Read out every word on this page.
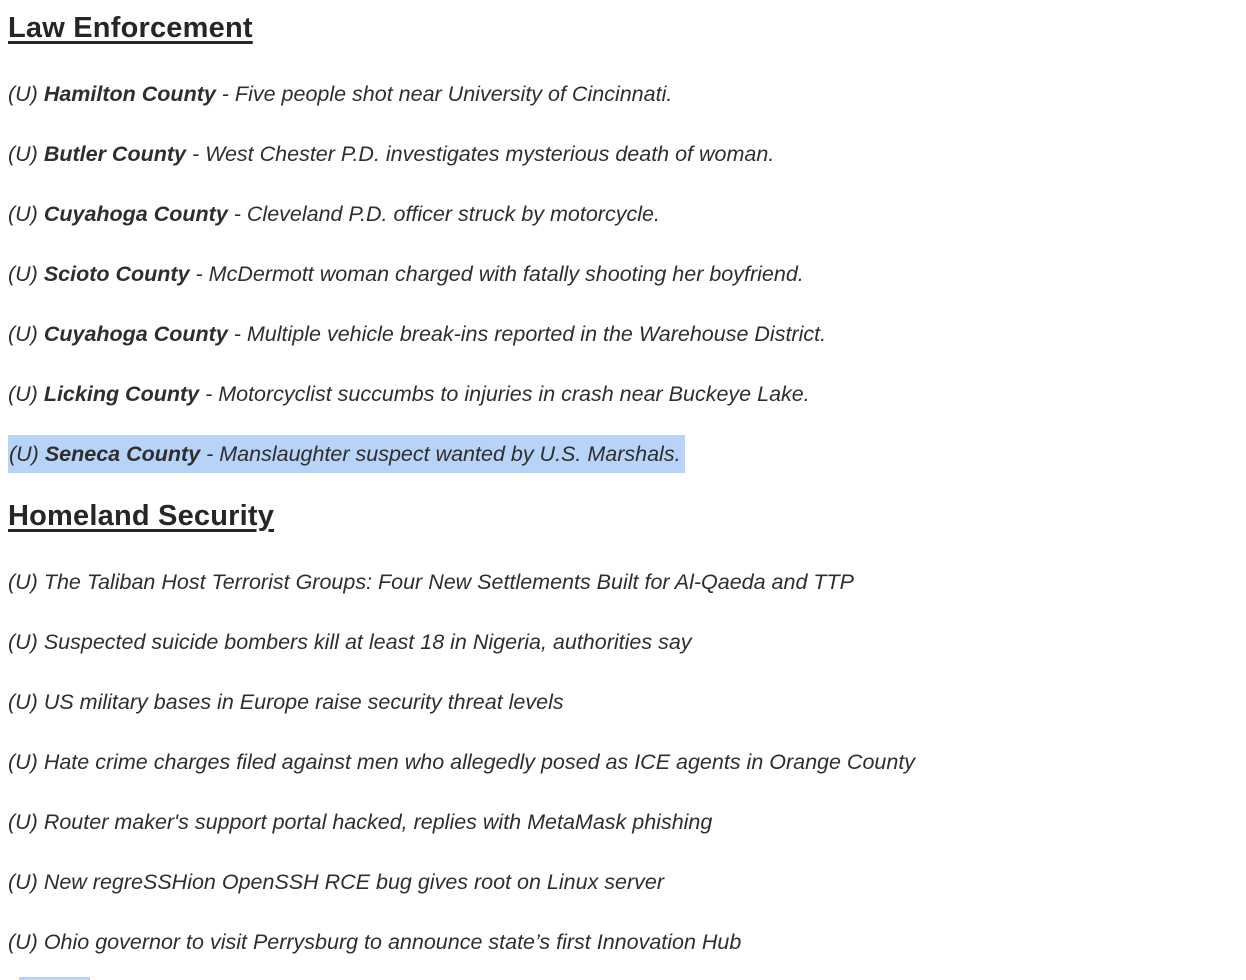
Law Enforcement

(U) Hamilton County - Five people shot near University of Cincinnati.

(U) Butler County - West Chester P.D. investigates mysterious death of woman.

(U) Cuyahoga County - Cleveland P.D. officer struck by motorcycle.

(U) Scioto County - McDermott woman charged with fatally shooting her boyfriend.

(U) Cuyahoga County - Multiple vehicle break-ins reported in the Warehouse District.

(U) Licking County - Motorcyclist succumbs to injuries in crash near Buckeye Lake.

(U) Seneca County - Manslaughter suspect wanted by U.S. Marshals.

Homeland Security

(U) The Taliban Host Terrorist Groups: Four New Settlements Built for Al-Qaeda and TTP

(U) Suspected suicide bombers kill at least 18 in Nigeria, authorities say

(U) US military bases in Europe raise security threat levels

(U) Hate crime charges filed against men who allegedly posed as ICE agents in Orange County

(U) Router maker's support portal hacked, replies with MetaMask phishing

(U) New regreSSHion OpenSSH RCE bug gives root on Linux server

(U) Ohio governor to visit Perrysburg to announce state’s first Innovation Hub
